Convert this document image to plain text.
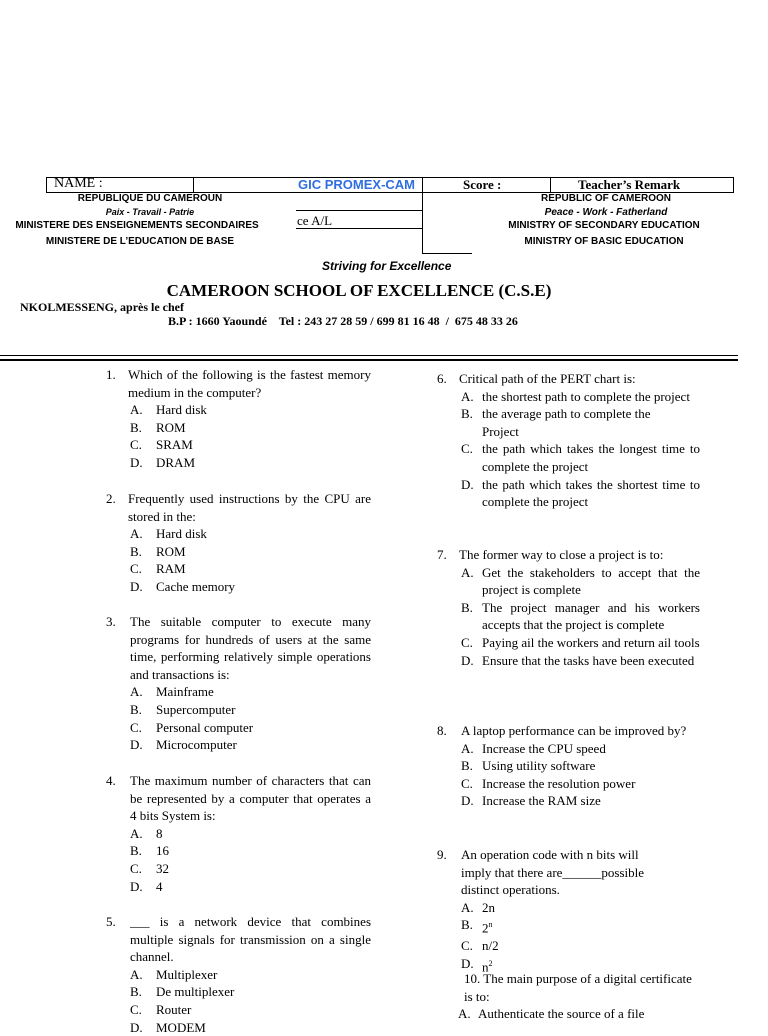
NAME :	GIC PROMEX-CAM	Score :	Teacher’s Remark
ce A/L
REPUBLIQUE DU CAMEROUN
Paix - Travail - Patrie
MINISTERE DES ENSEIGNEMENTS SECONDAIRES
MINISTERE DE L’EDUCATION DE BASE
REPUBLIC OF CAMEROON
Peace - Work - Fatherland
MINISTRY OF SECONDARY EDUCATION
MINISTRY OF BASIC EDUCATION
Striving for Excellence
CAMEROON SCHOOL OF EXCELLENCE (C.S.E)
NKOLMESSENG, après le chef
B.P : 1660 Yaoundé    Tel : 243 27 28 59 / 699 81 16 48  /  675 48 33 26
1. Which of the following is the fastest memory medium in the computer?
A. Hard disk
B. ROM
C. SRAM
D. DRAM
2. Frequently used instructions by the CPU are stored in the:
A. Hard disk
B. ROM
C. RAM
D. Cache memory
3. The suitable computer to execute many programs for hundreds of users at the same time, performing relatively simple operations and transactions is:
A. Mainframe
B. Supercomputer
C. Personal computer
D. Microcomputer
4. The maximum number of characters that can be represented by a computer that operates a 4 bits System is:
A. 8
B. 16
C. 32
D. 4
5. ___ is a network device that combines multiple signals for transmission on a single channel.
A. Multiplexer
B. De multiplexer
C. Router
D. MODEM
6. Critical path of the PERT chart is:
A. the shortest path to complete the project
B. the average path to complete the Project
C. the path which takes the longest time to complete the project
D. the path which takes the shortest time to complete the project
7. The former way to close a project is to:
A. Get the stakeholders to accept that the project is complete
B. The project manager and his workers accepts that the project is complete
C. Paying ail the workers and return ail tools
D. Ensure that the tasks have been executed
8. A laptop performance can be improved by?
A. Increase the CPU speed
B. Using utility software
C. Increase the resolution power
D. Increase the RAM size
9. An operation code with n bits will imply that there are______possible distinct operations.
A. 2n
B. 2$^n$
C. n/2
D. $n^2$
10. The main purpose of a digital certificate is to:
A. Authenticate the source of a file
